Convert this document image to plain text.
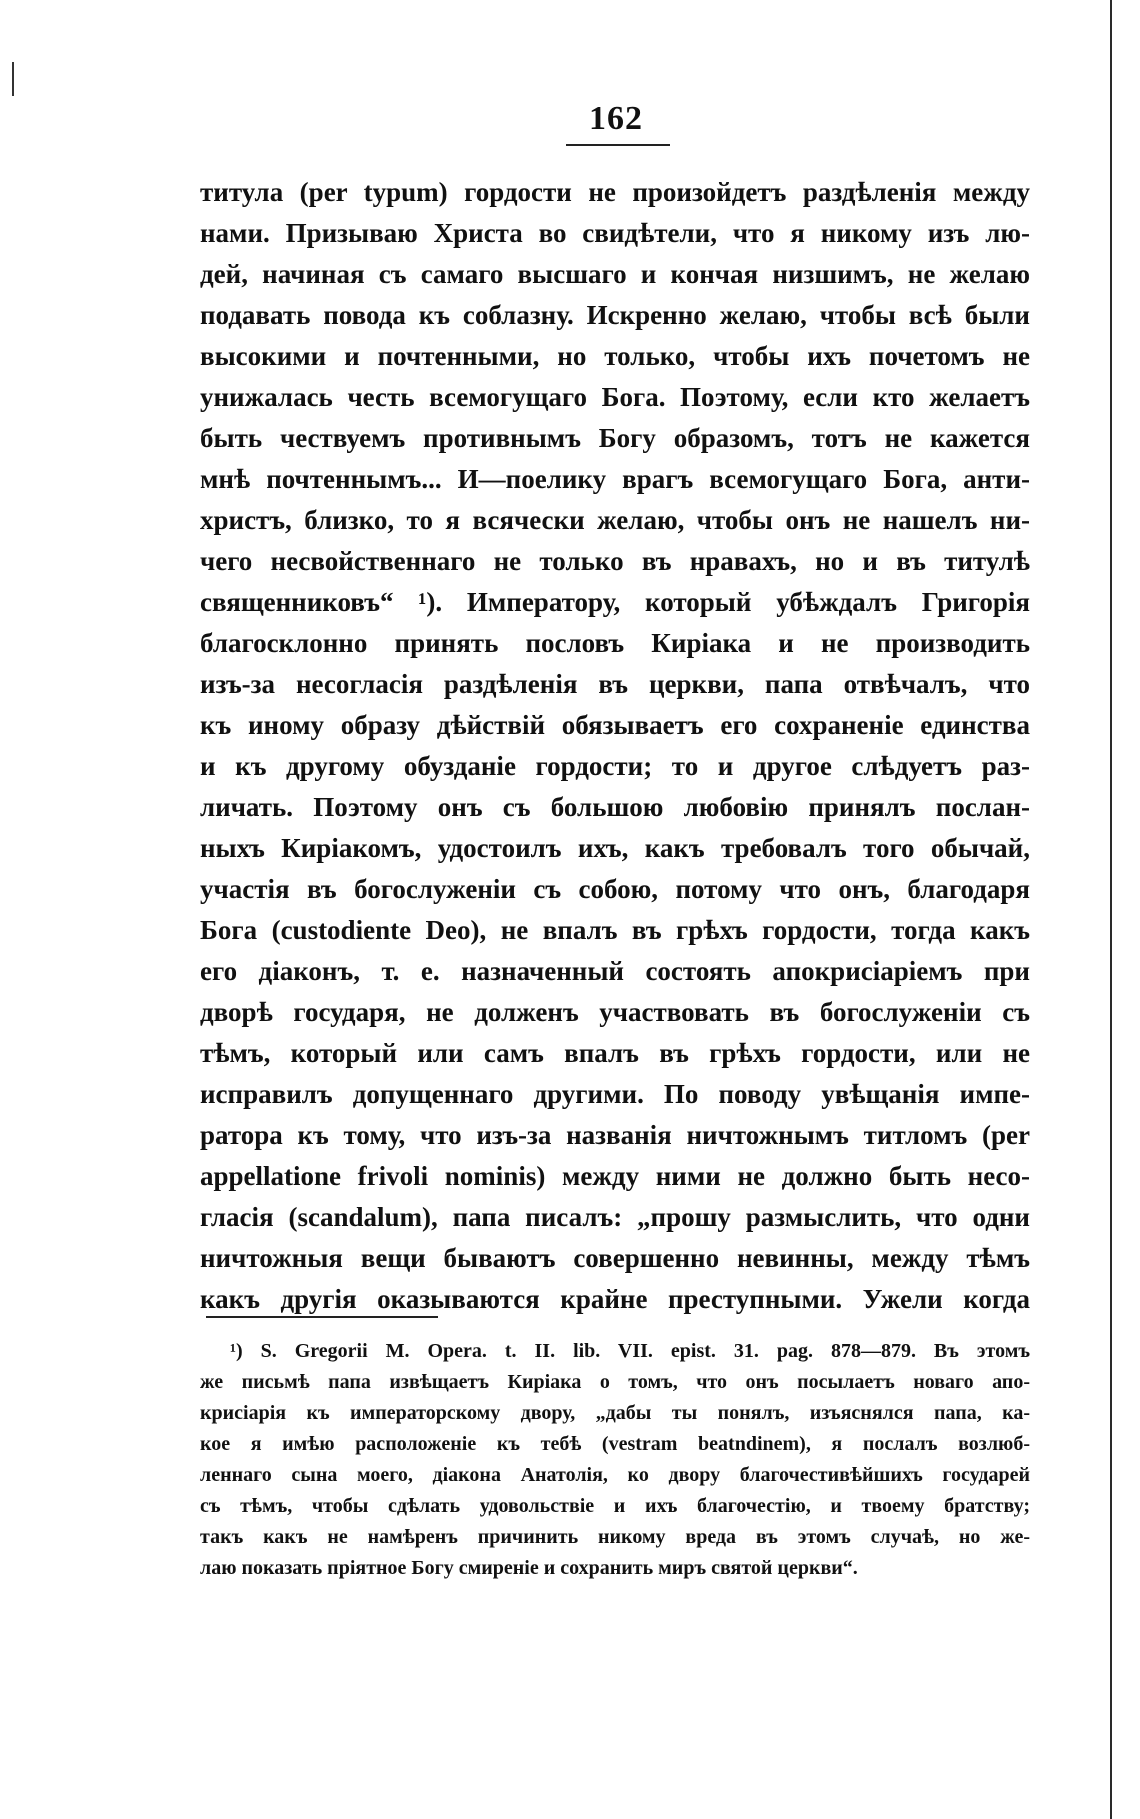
162
титула (per typum) гордости не произойдетъ раздѣленія между
нами. Призываю Христа во свидѣтели, что я никому изъ лю-
дей, начиная съ самаго высшаго и кончая низшимъ, не желаю
подавать повода къ соблазну. Искренно желаю, чтобы всѣ были
высокими и почтенными, но только, чтобы ихъ почетомъ не
унижалась честь всемогущаго Бога. Поэтому, если кто желаетъ
быть чествуемъ противнымъ Богу образомъ, тотъ не кажется
мнѣ почтеннымъ... И—поелику врагъ всемогущаго Бога, анти-
христъ, близко, то я всячески желаю, чтобы онъ не нашелъ ни-
чего несвойственнаго не только въ нравахъ, но и въ титулѣ
священниковъ“ ¹). Императору, который убѣждалъ Григорія
благосклонно принять пословъ Киріака и не производить
изъ-за несогласія раздѣленія въ церкви, папа отвѣчалъ, что
къ иному образу дѣйствій обязываетъ его сохраненіе единства
и къ другому обузданіе гордости; то и другое слѣдуетъ раз-
личать. Поэтому онъ съ большою любовію принялъ послан-
ныхъ Киріакомъ, удостоилъ ихъ, какъ требовалъ того обычай,
участія въ богослуженіи съ собою, потому что онъ, благодаря
Бога (custodiente Deo), не впалъ въ грѣхъ гордости, тогда какъ
его діаконъ, т. е. назначенный состоять апокрисіаріемъ при
дворѣ государя, не долженъ участвовать въ богослуженіи съ
тѣмъ, который или самъ впалъ въ грѣхъ гордости, или не
исправилъ допущеннаго другими. По поводу увѣщанія импе-
ратора къ тому, что изъ-за названія ничтожнымъ титломъ (per
appellatione frivoli nominis) между ними не должно быть несо-
гласія (scandalum), папа писалъ: „прошу размыслить, что одни
ничтожныя вещи бываютъ совершенно невинны, между тѣмъ
какъ другія оказываются крайне преступными. Ужели когда
¹) S. Gregorii M. Opera. t. II. lib. VII. epist. 31. pag. 878—879. Въ этомъ
же письмѣ папа извѣщаетъ Киріака о томъ, что онъ посылаетъ новаго апо-
крисіарія къ императорскому двору, „дабы ты понялъ, изъяснялся папа, ка-
кое я имѣю расположеніе къ тебѣ (vestram beatndinem), я послалъ возлюб-
леннаго сына моего, діакона Анатолія, ко двору благочестивѣйшихъ государей
съ тѣмъ, чтобы сдѣлать удовольствіе и ихъ благочестію, и твоему братству;
такъ какъ не намѣренъ причинить никому вреда въ этомъ случаѣ, но же-
лаю показать пріятное Богу смиреніе и сохранить миръ святой церкви“.
